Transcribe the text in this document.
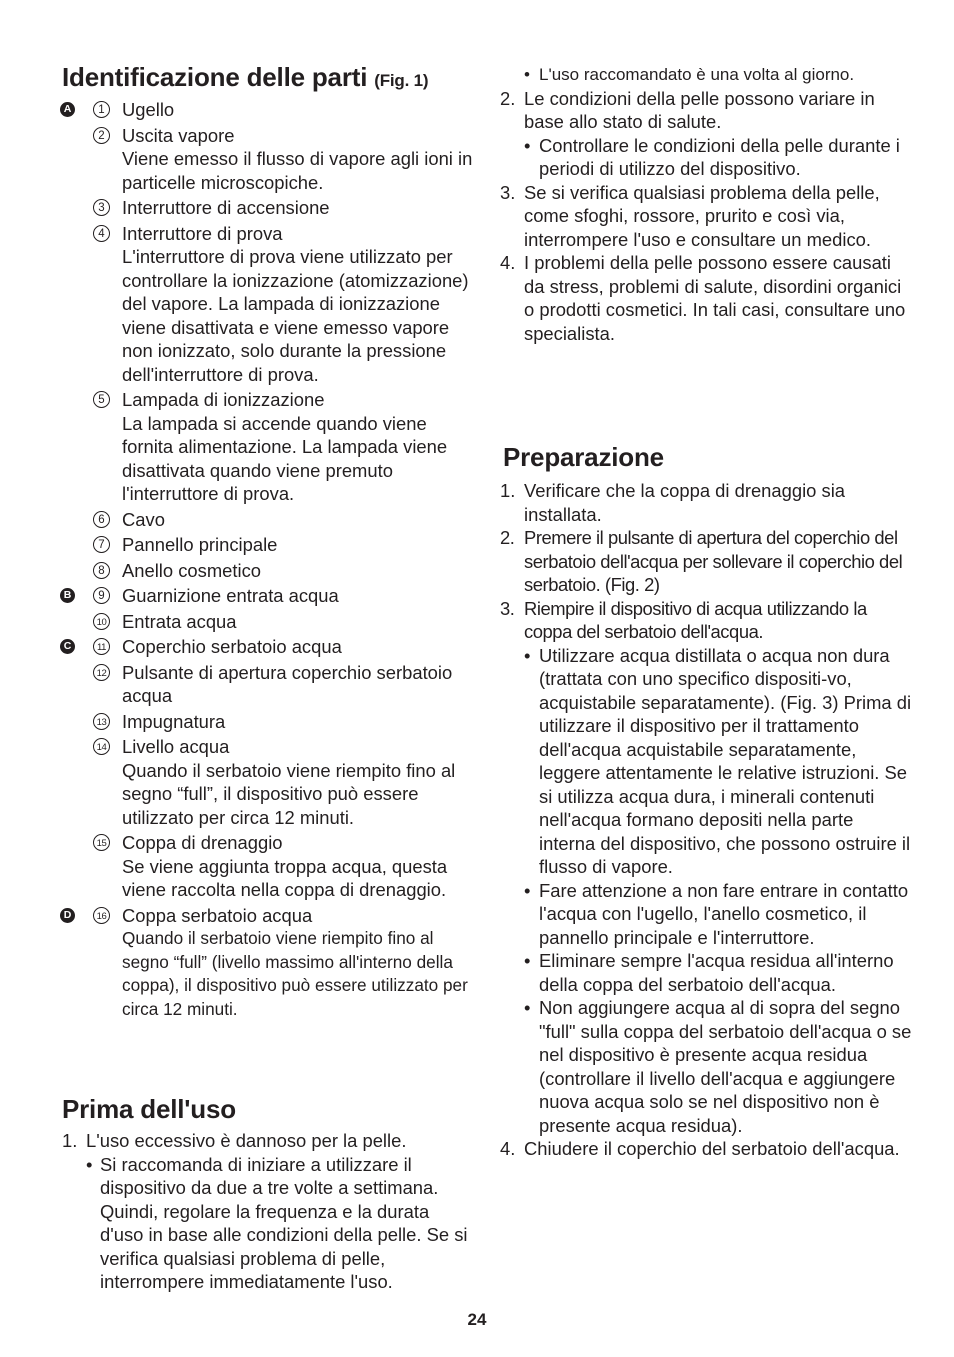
Identificazione delle parti (Fig. 1)
A	1 Ugello
2 Uscita vapore
Viene emesso il flusso di vapore agli ioni in particelle microscopiche.
3 Interruttore di accensione
4 Interruttore di prova
L'interruttore di prova viene utilizzato per controllare la ionizzazione (atomizzazione) del vapore. La lampada di ionizzazione viene disattivata e viene emesso vapore non ionizzato, solo durante la pressione dell'interruttore di prova.
5 Lampada di ionizzazione
La lampada si accende quando viene fornita alimentazione. La lampada viene disattivata quando viene premuto l'interruttore di prova.
6 Cavo
7 Pannello principale
8 Anello cosmetico
B	9 Guarnizione entrata acqua
10 Entrata acqua
C	11 Coperchio serbatoio acqua
12 Pulsante di apertura coperchio serbatoio acqua
13 Impugnatura
14 Livello acqua
Quando il serbatoio viene riempito fino al segno “full”, il dispositivo può essere utilizzato per circa 12 minuti.
15 Coppa di drenaggio
Se viene aggiunta troppa acqua, questa viene raccolta nella coppa di drenaggio.
D	16 Coppa serbatoio acqua
Quando il serbatoio viene riempito fino al segno “full” (livello massimo all'interno della coppa), il dispositivo può essere utilizzato per circa 12 minuti.
Prima dell'uso
1. L'uso eccessivo è dannoso per la pelle.
• Si raccomanda di iniziare a utilizzare il dispositivo da due a tre volte a settimana. Quindi, regolare la frequenza e la durata d'uso in base alle condizioni della pelle. Se si verifica qualsiasi problema di pelle, interrompere immediatamente l'uso.
• L'uso raccomandato è una volta al giorno.
2. Le condizioni della pelle possono variare in base allo stato di salute.
• Controllare le condizioni della pelle durante i periodi di utilizzo del dispositivo.
3. Se si verifica qualsiasi problema della pelle, come sfoghi, rossore, prurito e così via, interrompere l'uso e consultare un medico.
4. I problemi della pelle possono essere causati da stress, problemi di salute, disordini organici o prodotti cosmetici. In tali casi, consultare uno specialista.
Preparazione
1. Verificare che la coppa di drenaggio sia installata.
2. Premere il pulsante di apertura del coperchio del serbatoio dell'acqua per sollevare il coperchio del serbatoio. (Fig. 2)
3. Riempire il dispositivo di acqua utilizzando la coppa del serbatoio dell'acqua.
• Utilizzare acqua distillata o acqua non dura (trattata con uno specifico dispositi-vo, acquistabile separatamente). (Fig. 3) Prima di utilizzare il dispositivo per il trattamento dell'acqua acquistabile separatamente, leggere attentamente le relative istruzioni. Se si utilizza acqua dura, i minerali contenuti nell'acqua formano depositi nella parte interna del dispositivo, che possono ostruire il flusso di vapore.
• Fare attenzione a non fare entrare in contatto l'acqua con l'ugello, l'anello cosmetico, il pannello principale e l'interruttore.
• Eliminare sempre l'acqua residua all'interno della coppa del serbatoio dell'acqua.
• Non aggiungere acqua al di sopra del segno "full" sulla coppa del serbatoio dell'acqua o se nel dispositivo è presente acqua residua (controllare il livello dell'acqua e aggiungere nuova acqua solo se nel dispositivo non è presente acqua residua).
4. Chiudere il coperchio del serbatoio dell'acqua.
24
